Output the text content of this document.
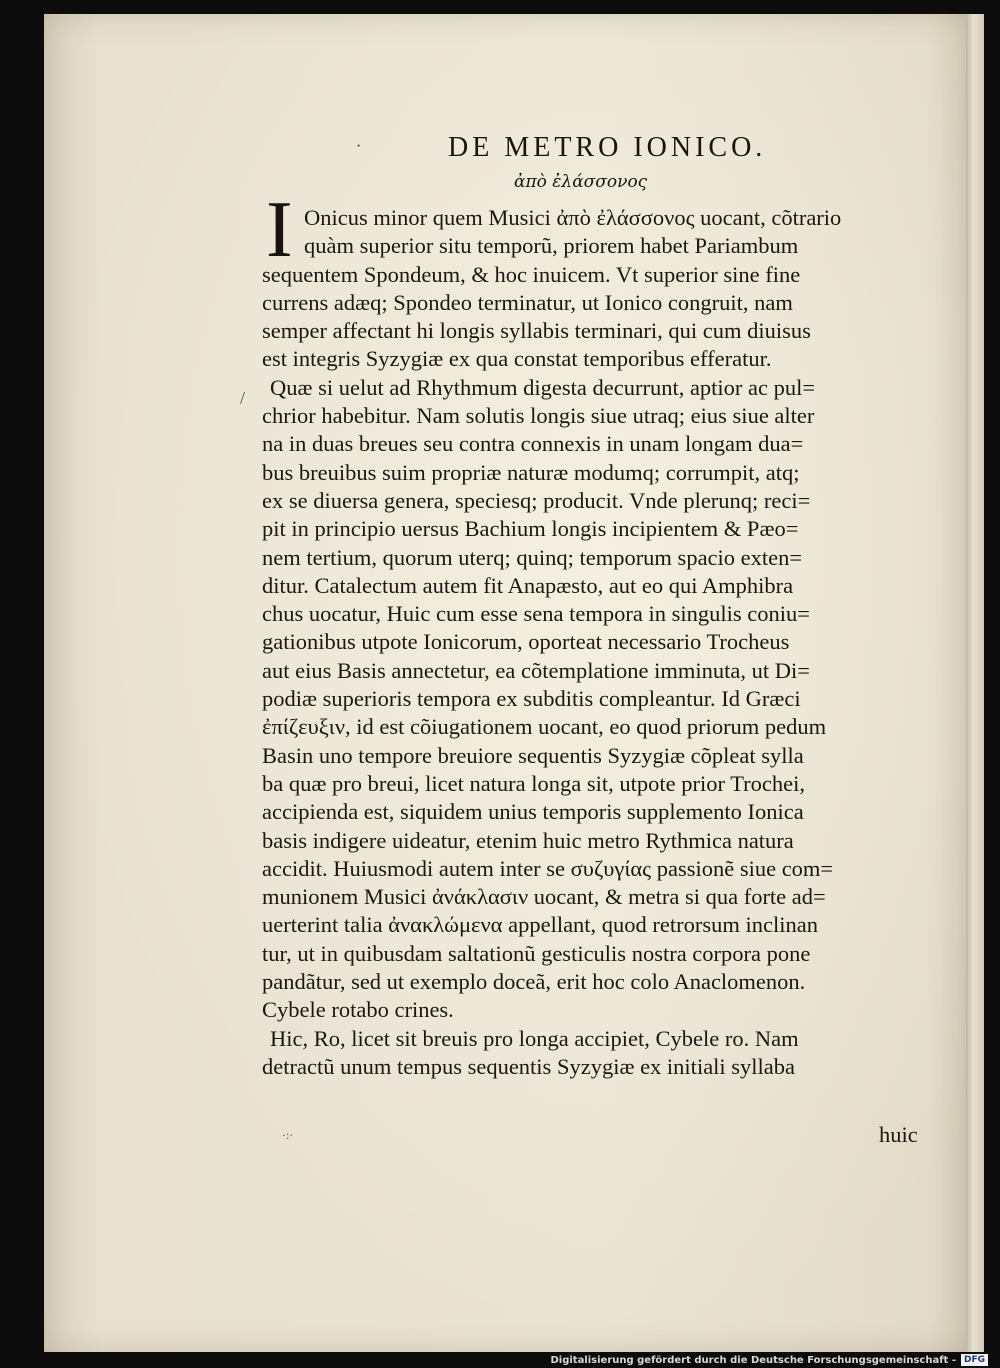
·	DE METRO IONICO.
ἀπὸ ἐλάσσονος
I
/
Onicus minor quem Musici ἀπὸ ἐλάσσονος uocant, cõtrario
quàm superior situ temporũ, priorem habet Pariambum
sequentem Spondeum, & hoc inuicem. Vt superior sine fine
currens adæq; Spondeo terminatur, ut Ionico congruit, nam
semper affectant hi longis syllabis terminari, qui cum diuisus
est integris Syzygiæ ex qua constat temporibus efferatur.
Quæ si uelut ad Rhythmum digesta decurrunt, aptior ac pul=
chrior habebitur. Nam solutis longis siue utraq; eius siue alter
na in duas breues seu contra connexis in unam longam dua=
bus breuibus suim propriæ naturæ modumq; corrumpit, atq;
ex se diuersa genera, speciesq; producit. Vnde plerunq; reci=
pit in principio uersus Bachium longis incipientem & Pæo=
nem tertium, quorum uterq; quinq; temporum spacio exten=
ditur. Catalectum autem fit Anapæsto, aut eo qui Amphibra
chus uocatur, Huic cum esse sena tempora in singulis coniu=
gationibus utpote Ionicorum, oporteat necessario Trocheus
aut eius Basis annectetur, ea cõtemplatione imminuta, ut Di=
podiæ superioris tempora ex subditis compleantur. Id Græci
ἐπίζευξιν, id est cõiugationem uocant, eo quod priorum pedum
Basin uno tempore breuiore sequentis Syzygiæ cõpleat sylla
ba quæ pro breui, licet natura longa sit, utpote prior Trochei,
accipienda est, siquidem unius temporis supplemento Ionica
basis indigere uideatur, etenim huic metro Rythmica natura
accidit. Huiusmodi autem inter se συζυγίας passionẽ siue com=
munionem Musici ἀνάκλασιν uocant, & metra si qua forte ad=
uerterint talia ἀνακλώμενα appellant, quod retrorsum inclinan
tur, ut in quibusdam saltationũ gesticulis nostra corpora pone
pandãtur, sed ut exemplo doceã, erit hoc colo Anaclomenon.
Cybele rotabo crines.
Hic, Ro, licet sit breuis pro longa accipiet, Cybele ro. Nam
detractũ unum tempus sequentis Syzygiæ ex initiali syllaba
·:·	huic
Digitalisierung gefördert durch die Deutsche Forschungsgemeinschaft - DFG
